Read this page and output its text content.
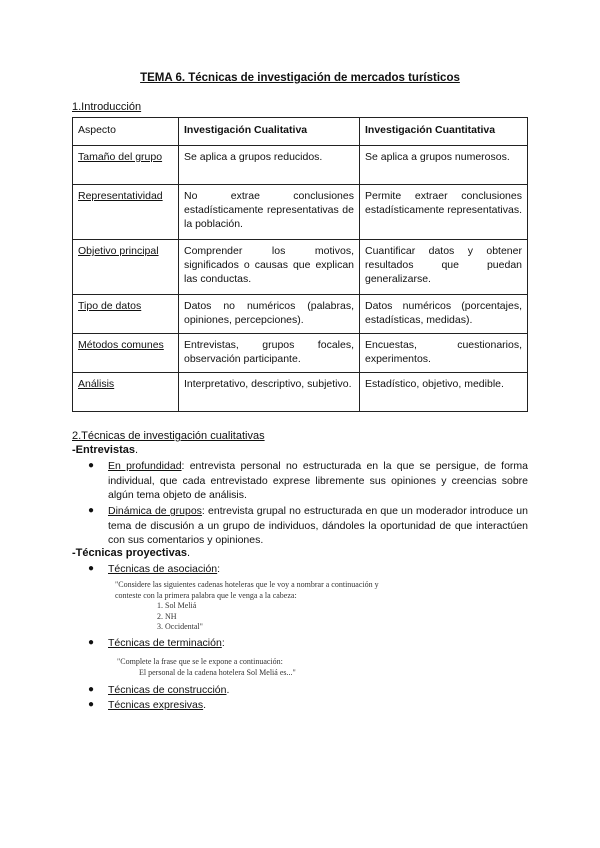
TEMA 6. Técnicas de investigación de mercados turísticos
1.Introducción
Aspecto	Investigación Cualitativa	Investigación Cuantitativa
Tamaño del grupo	Se aplica a grupos reducidos.	Se aplica a grupos numerosos.
Representatividad	No extrae conclusiones estadísticamente representativas de la población.	Permite extraer conclusiones estadísticamente representativas.
Objetivo principal	Comprender los motivos, significados o causas que explican las conductas.	Cuantificar datos y obtener resultados que puedan generalizarse.
Tipo de datos	Datos no numéricos (palabras, opiniones, percepciones).	Datos numéricos (porcentajes, estadísticas, medidas).
Métodos comunes	Entrevistas, grupos focales, observación participante.	Encuestas, cuestionarios, experimentos.
Análisis	Interpretativo, descriptivo, subjetivo.	Estadístico, objetivo, medible.
2.Técnicas de investigación cualitativas
-Entrevistas.
● En profundidad: entrevista personal no estructurada en la que se persigue, de forma individual, que cada entrevistado exprese libremente sus opiniones y creencias sobre algún tema objeto de análisis.
● Dinámica de grupos: entrevista grupal no estructurada en que un moderador introduce un tema de discusión a un grupo de individuos, dándoles la oportunidad de que interactúen con sus comentarios y opiniones.
-Técnicas proyectivas.
● Técnicas de asociación:
"Considere las siguientes cadenas hoteleras que le voy a nombrar a continuación y
conteste con la primera palabra que le venga a la cabeza:
1. Sol Meliá
2. NH
3. Occidental"
● Técnicas de terminación:
"Complete la frase que se le expone a continuación:
El personal de la cadena hotelera Sol Meliá es..."
● Técnicas de construcción.
● Técnicas expresivas.
